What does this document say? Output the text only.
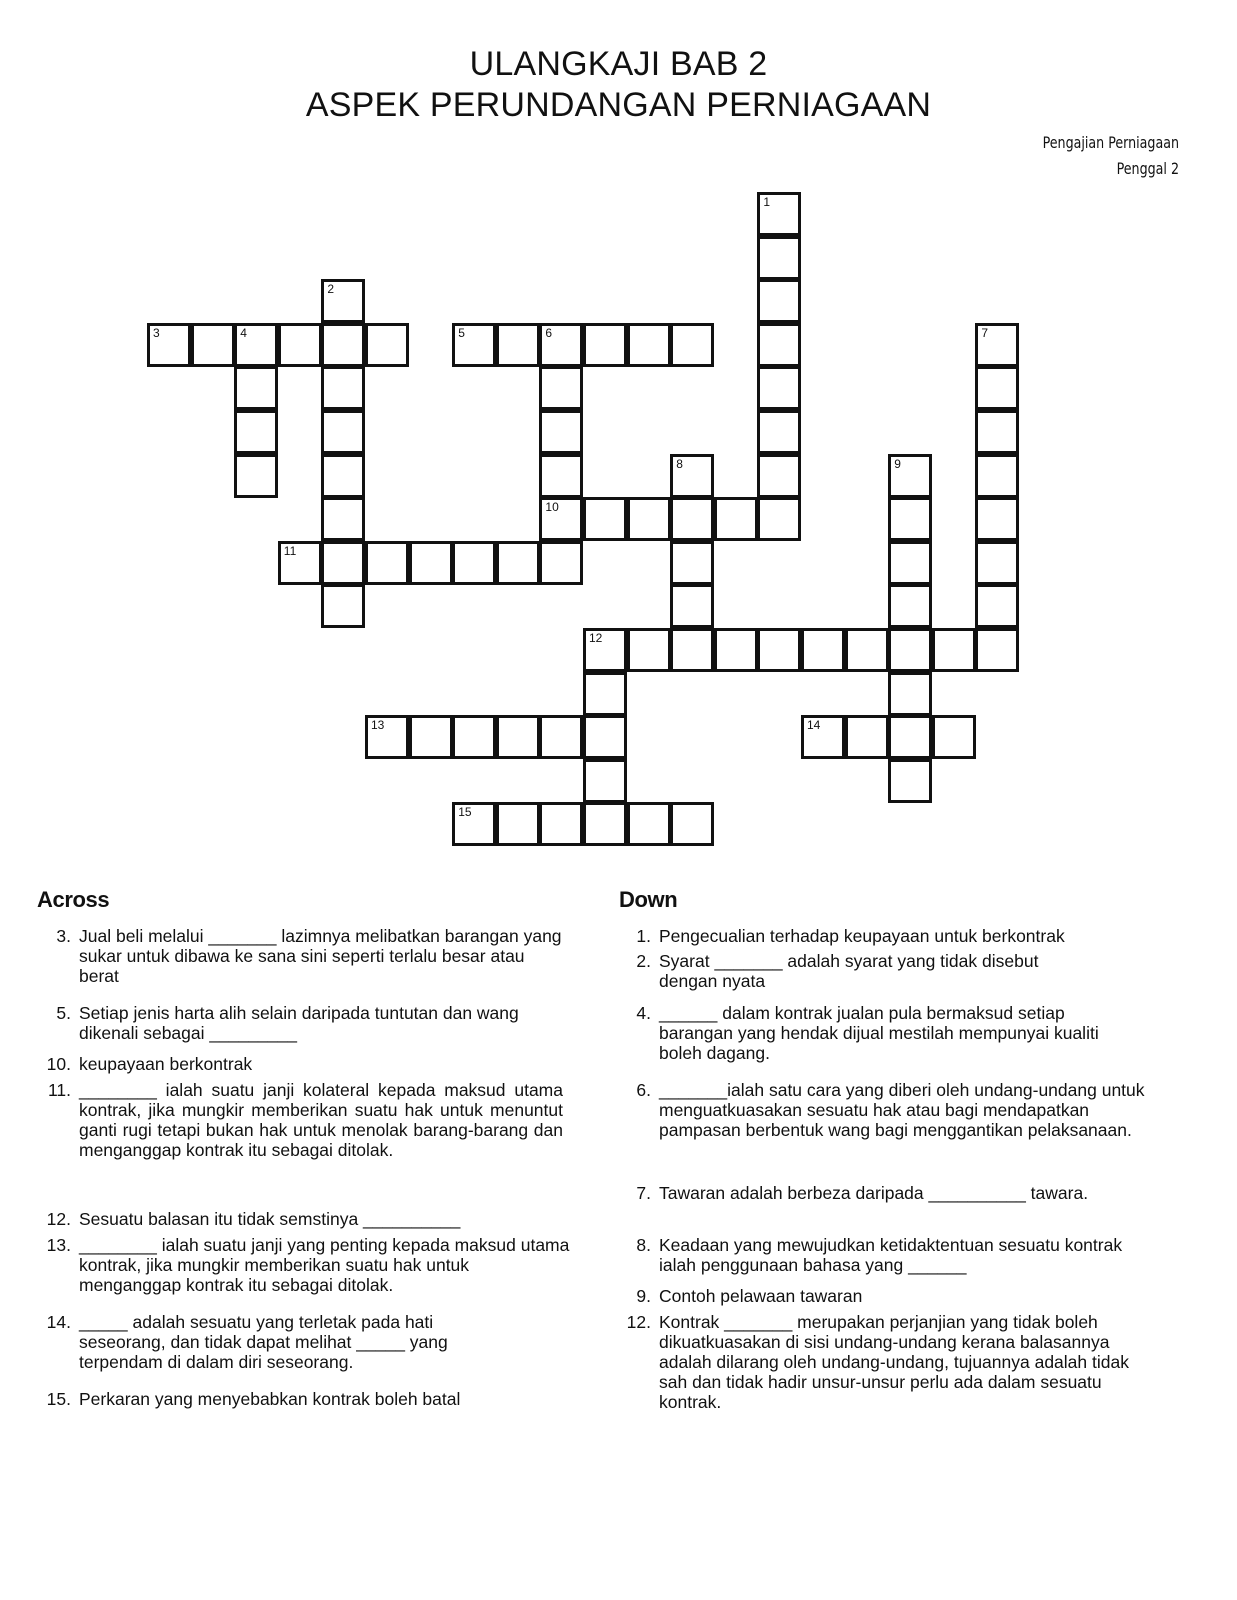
ULANGKAJI BAB 2
ASPEK PERUNDANGAN PERNIAGAAN
Pengajian Perniagaan
Penggal 2
1
2
3	4	5	6	7
8	9
10
11
12
13	14
15
Across	Down
3. Jual beli melalui _______ lazimnya melibatkan barangan yang sukar untuk dibawa ke sana sini seperti terlalu besar atau berat
5. Setiap jenis harta alih selain daripada tuntutan dan wang dikenali sebagai _________
10. keupayaan berkontrak
11. ________ ialah suatu janji kolateral kepada maksud utama kontrak, jika mungkir memberikan suatu hak untuk menuntut ganti rugi tetapi bukan hak untuk menolak barang-barang dan menganggap kontrak itu sebagai ditolak.
12. Sesuatu balasan itu tidak semstinya __________
13. ________ ialah suatu janji yang penting kepada maksud utama kontrak, jika mungkir memberikan suatu hak untuk menganggap kontrak itu sebagai ditolak.
14. _____ adalah sesuatu yang terletak pada hati seseorang, dan tidak dapat melihat _____ yang terpendam di dalam diri seseorang.
15. Perkaran yang menyebabkan kontrak boleh batal
1. Pengecualian terhadap keupayaan untuk berkontrak
2. Syarat _______ adalah syarat yang tidak disebut dengan nyata
4. ______ dalam kontrak jualan pula bermaksud setiap barangan yang hendak dijual mestilah mempunyai kualiti boleh dagang.
6. _______ialah satu cara yang diberi oleh undang-undang untuk menguatkuasakan sesuatu hak atau bagi mendapatkan pampasan berbentuk wang bagi menggantikan pelaksanaan.
7. Tawaran adalah berbeza daripada __________ tawara.
8. Keadaan yang mewujudkan ketidaktentuan sesuatu kontrak ialah penggunaan bahasa yang ______
9. Contoh pelawaan tawaran
12. Kontrak _______ merupakan perjanjian yang tidak boleh dikuatkuasakan di sisi undang-undang kerana balasannya adalah dilarang oleh undang-undang, tujuannya adalah tidak sah dan tidak hadir unsur-unsur perlu ada dalam sesuatu kontrak.
